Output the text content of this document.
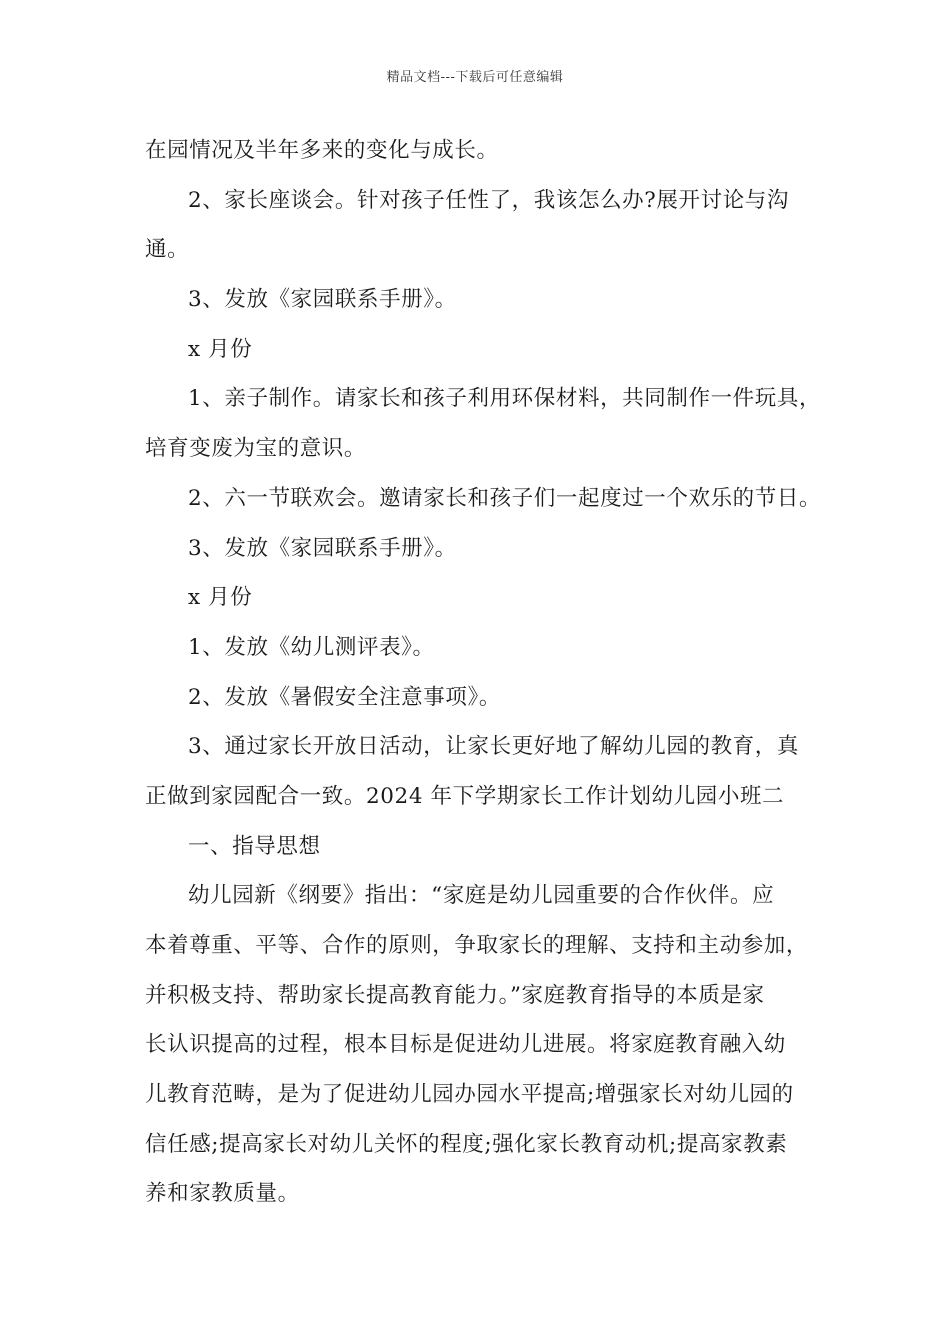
精品文档---下载后可任意编辑
在园情况及半年多来的变化与成长。
2、家长座谈会。针对孩子任性了，我该怎么办?展开讨论与沟
通。
3、发放《家园联系手册》。
x 月份
1、亲子制作。请家长和孩子利用环保材料，共同制作一件玩具，
培育变废为宝的意识。
2、六一节联欢会。邀请家长和孩子们一起度过一个欢乐的节日。
3、发放《家园联系手册》。
x 月份
1、发放《幼儿测评表》。
2、发放《暑假安全注意事项》。
3、通过家长开放日活动，让家长更好地了解幼儿园的教育，真
正做到家园配合一致。2024 年下学期家长工作计划幼儿园小班二
一、指导思想
幼儿园新《纲要》指出：“家庭是幼儿园重要的合作伙伴。应
本着尊重、平等、合作的原则，争取家长的理解、支持和主动参加，
并积极支持、帮助家长提高教育能力。”家庭教育指导的本质是家
长认识提高的过程，根本目标是促进幼儿进展。将家庭教育融入幼
儿教育范畴，是为了促进幼儿园办园水平提高;增强家长对幼儿园的
信任感;提高家长对幼儿关怀的程度;强化家长教育动机;提高家教素
养和家教质量。
